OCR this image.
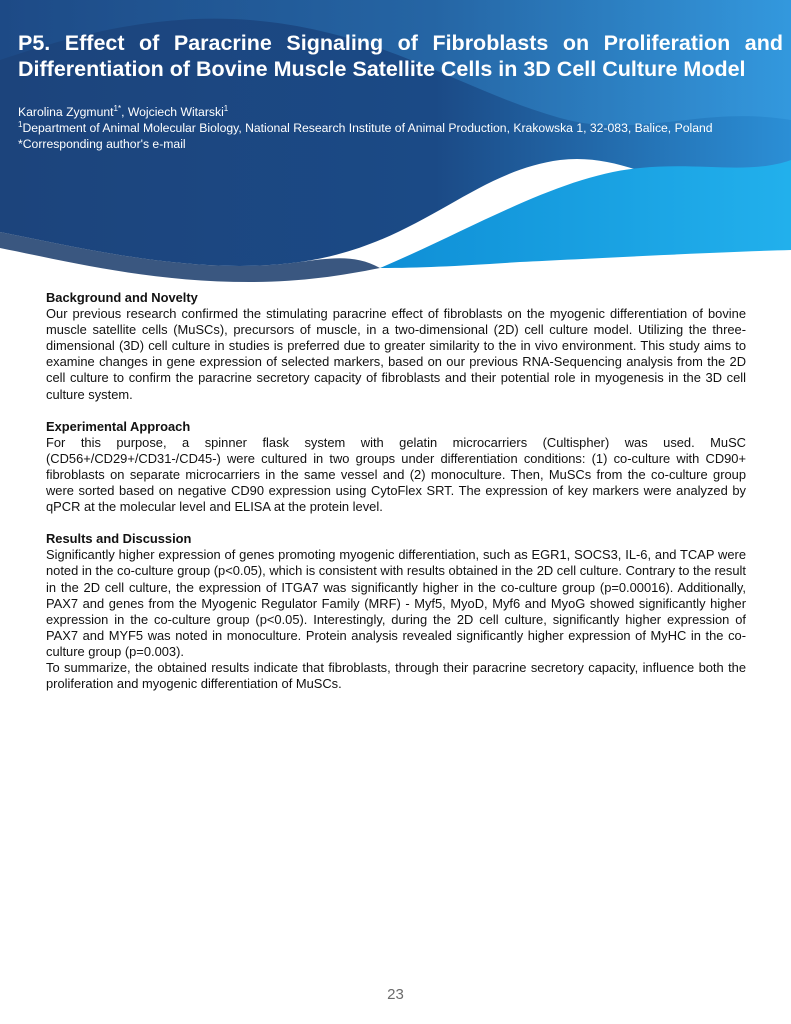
P5. Effect of Paracrine Signaling of Fibroblasts on Proliferation and Differentiation of Bovine Muscle Satellite Cells in 3D Cell Culture Model
Karolina Zygmunt$^{1*}$, Wojciech Witarski$^1$
$^1$Department of Animal Molecular Biology, National Research Institute of Animal Production, Krakowska 1, 32-083, Balice, Poland
*Corresponding author's e-mail

Background and Novelty

Our previous research confirmed the stimulating paracrine effect of fibroblasts on the myogenic differentiation of bovine muscle satellite cells (MuSCs), precursors of muscle, in a two-dimensional (2D) cell culture model. Utilizing the three-dimensional (3D) cell culture in studies is preferred due to greater similarity to the in vivo environment. This study aims to examine changes in gene expression of selected markers, based on our previous RNA-Sequencing analysis from the 2D cell culture to confirm the paracrine secretory capacity of fibroblasts and their potential role in myogenesis in the 3D cell culture system.

Experimental Approach

For this purpose, a spinner flask system with gelatin microcarriers (Cultispher) was used. MuSC (CD56+/CD29+/CD31-/CD45-) were cultured in two groups under differentiation conditions: (1) co-culture with CD90+ fibroblasts on separate microcarriers in the same vessel and (2) monoculture. Then, MuSCs from the co-culture group were sorted based on negative CD90 expression using CytoFlex SRT. The expression of key markers were analyzed by qPCR at the molecular level and ELISA at the protein level.

Results and Discussion

Significantly higher expression of genes promoting myogenic differentiation, such as EGR1, SOCS3, IL-6, and TCAP were noted in the co-culture group (p<0.05), which is consistent with results obtained in the 2D cell culture. Contrary to the result in the 2D cell culture, the expression of ITGA7 was significantly higher in the co-culture group (p=0.00016). Additionally, PAX7 and genes from the Myogenic Regulator Family (MRF) - Myf5, MyoD, Myf6 and MyoG showed significantly higher expression in the co-culture group (p<0.05). Interestingly, during the 2D cell culture, significantly higher expression of PAX7 and MYF5 was noted in monoculture. Protein analysis revealed significantly higher expression of MyHC in the co-culture group (p=0.003).

To summarize, the obtained results indicate that fibroblasts, through their paracrine secretory capacity, influence both the proliferation and myogenic differentiation of MuSCs.

23
